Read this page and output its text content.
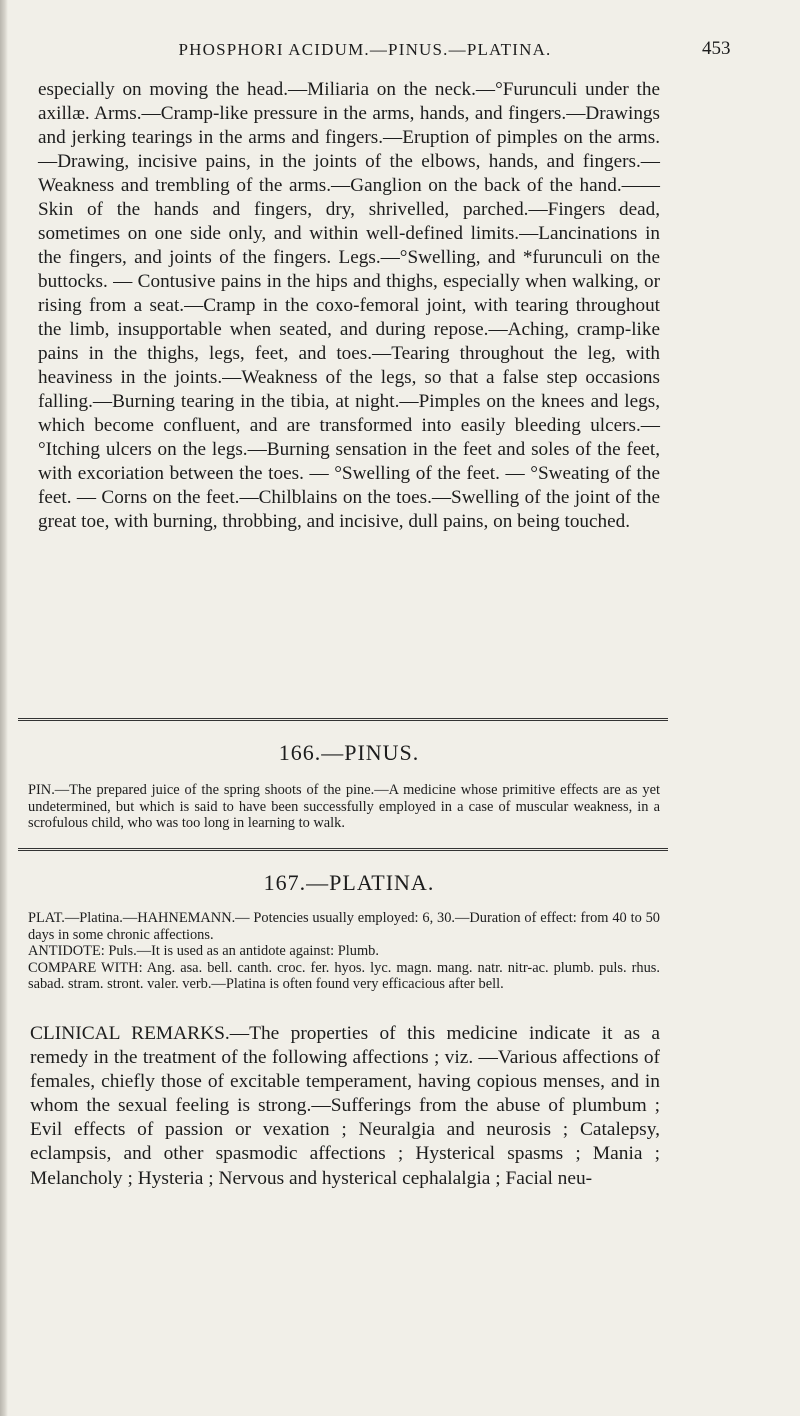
PHOSPHORI ACIDUM.—PINUS.—PLATINA.	453

especially on moving the head.—Miliaria on the neck.—°Furunculi under the axillæ. Arms.—Cramp-like pressure in the arms, hands, and fingers.—Drawings and jerking tearings in the arms and fingers.—Eruption of pimples on the arms.—Drawing, incisive pains, in the joints of the elbows, hands, and fingers.—Weakness and trembling of the arms.—Ganglion on the back of the hand.——Skin of the hands and fingers, dry, shrivelled, parched.—Fingers dead, sometimes on one side only, and within well-defined limits.—Lancinations in the fingers, and joints of the fingers. Legs.—°Swelling, and *furunculi on the buttocks. — Contusive pains in the hips and thighs, especially when walking, or rising from a seat.—Cramp in the coxo-femoral joint, with tearing throughout the limb, insupportable when seated, and during repose.—Aching, cramp-like pains in the thighs, legs, feet, and toes.—Tearing throughout the leg, with heaviness in the joints.—Weakness of the legs, so that a false step occasions falling.—Burning tearing in the tibia, at night.—Pimples on the knees and legs, which become confluent, and are transformed into easily bleeding ulcers.—°Itching ulcers on the legs.—Burning sensation in the feet and soles of the feet, with excoriation between the toes. — °Swelling of the feet. — °Sweating of the feet. — Corns on the feet.—Chilblains on the toes.—Swelling of the joint of the great toe, with burning, throbbing, and incisive, dull pains, on being touched.

166.—PINUS.

PIN.—The prepared juice of the spring shoots of the pine.—A medicine whose primitive effects are as yet undetermined, but which is said to have been successfully employed in a case of muscular weakness, in a scrofulous child, who was too long in learning to walk.

167.—PLATINA.

PLAT.—Platina.—HAHNEMANN.— Potencies usually employed: 6, 30.—Duration of effect: from 40 to 50 days in some chronic affections.

ANTIDOTE: Puls.—It is used as an antidote against: Plumb.

COMPARE WITH: Ang. asa. bell. canth. croc. fer. hyos. lyc. magn. mang. natr. nitr-ac. plumb. puls. rhus. sabad. stram. stront. valer. verb.—Platina is often found very efficacious after bell.

CLINICAL REMARKS.—The properties of this medicine indicate it as a remedy in the treatment of the following affections ; viz. —Various affections of females, chiefly those of excitable temperament, having copious menses, and in whom the sexual feeling is strong.—Sufferings from the abuse of plumbum ; Evil effects of passion or vexation ; Neuralgia and neurosis ; Catalepsy, eclampsis, and other spasmodic affections ; Hysterical spasms ; Mania ; Melancholy ; Hysteria ; Nervous and hysterical cephalalgia ; Facial neu-
